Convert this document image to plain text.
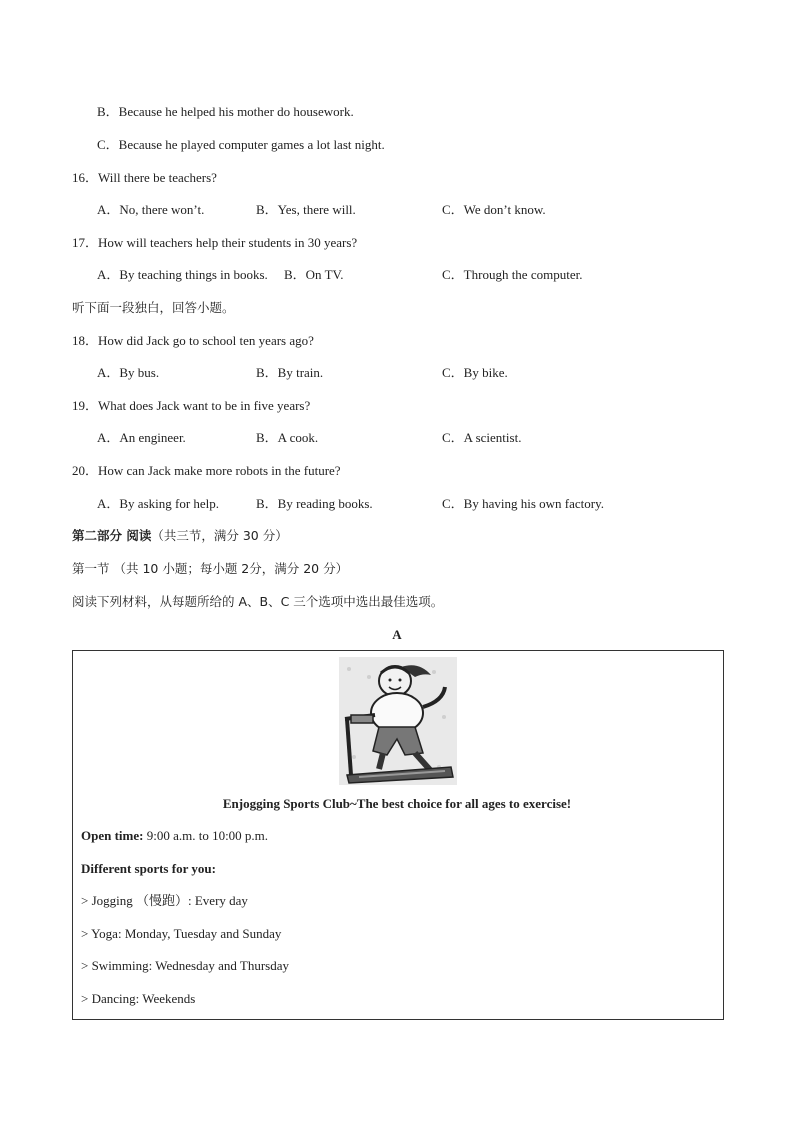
B．Because he helped his mother do housework.
C．Because he played computer games a lot last night.
16．Will there be teachers?
A．No, there won’t.	B．Yes, there will.	C．We don’t know.
17．How will teachers help their students in 30 years?
A．By teaching things in books. B．On TV.	C．Through the computer.
听下面一段独白，回答小题。
18．How did Jack go to school ten years ago?
A．By bus.	B．By train.	C．By bike.
19．What does Jack want to be in five years?
A．An engineer.	B．A cook.	C．A scientist.
20．How can Jack make more robots in the future?
A．By asking for help.	B．By reading books.	C．By having his own factory.
第二部分 阅读（共三节，满分 30 分）
第一节 （共 10 小题；每小题 2分，满分 20 分）
阅读下列材料，从每题所给的 A、B、C 三个选项中选出最佳选项。
A
Enjogging Sports Club~The best choice for all ages to exercise!
Open time: 9:00 a.m. to 10:00 p.m.
Different sports for you:
> Jogging （慢跑）: Every day
> Yoga: Monday, Tuesday and Sunday
> Swimming: Wednesday and Thursday
> Dancing: Weekends
